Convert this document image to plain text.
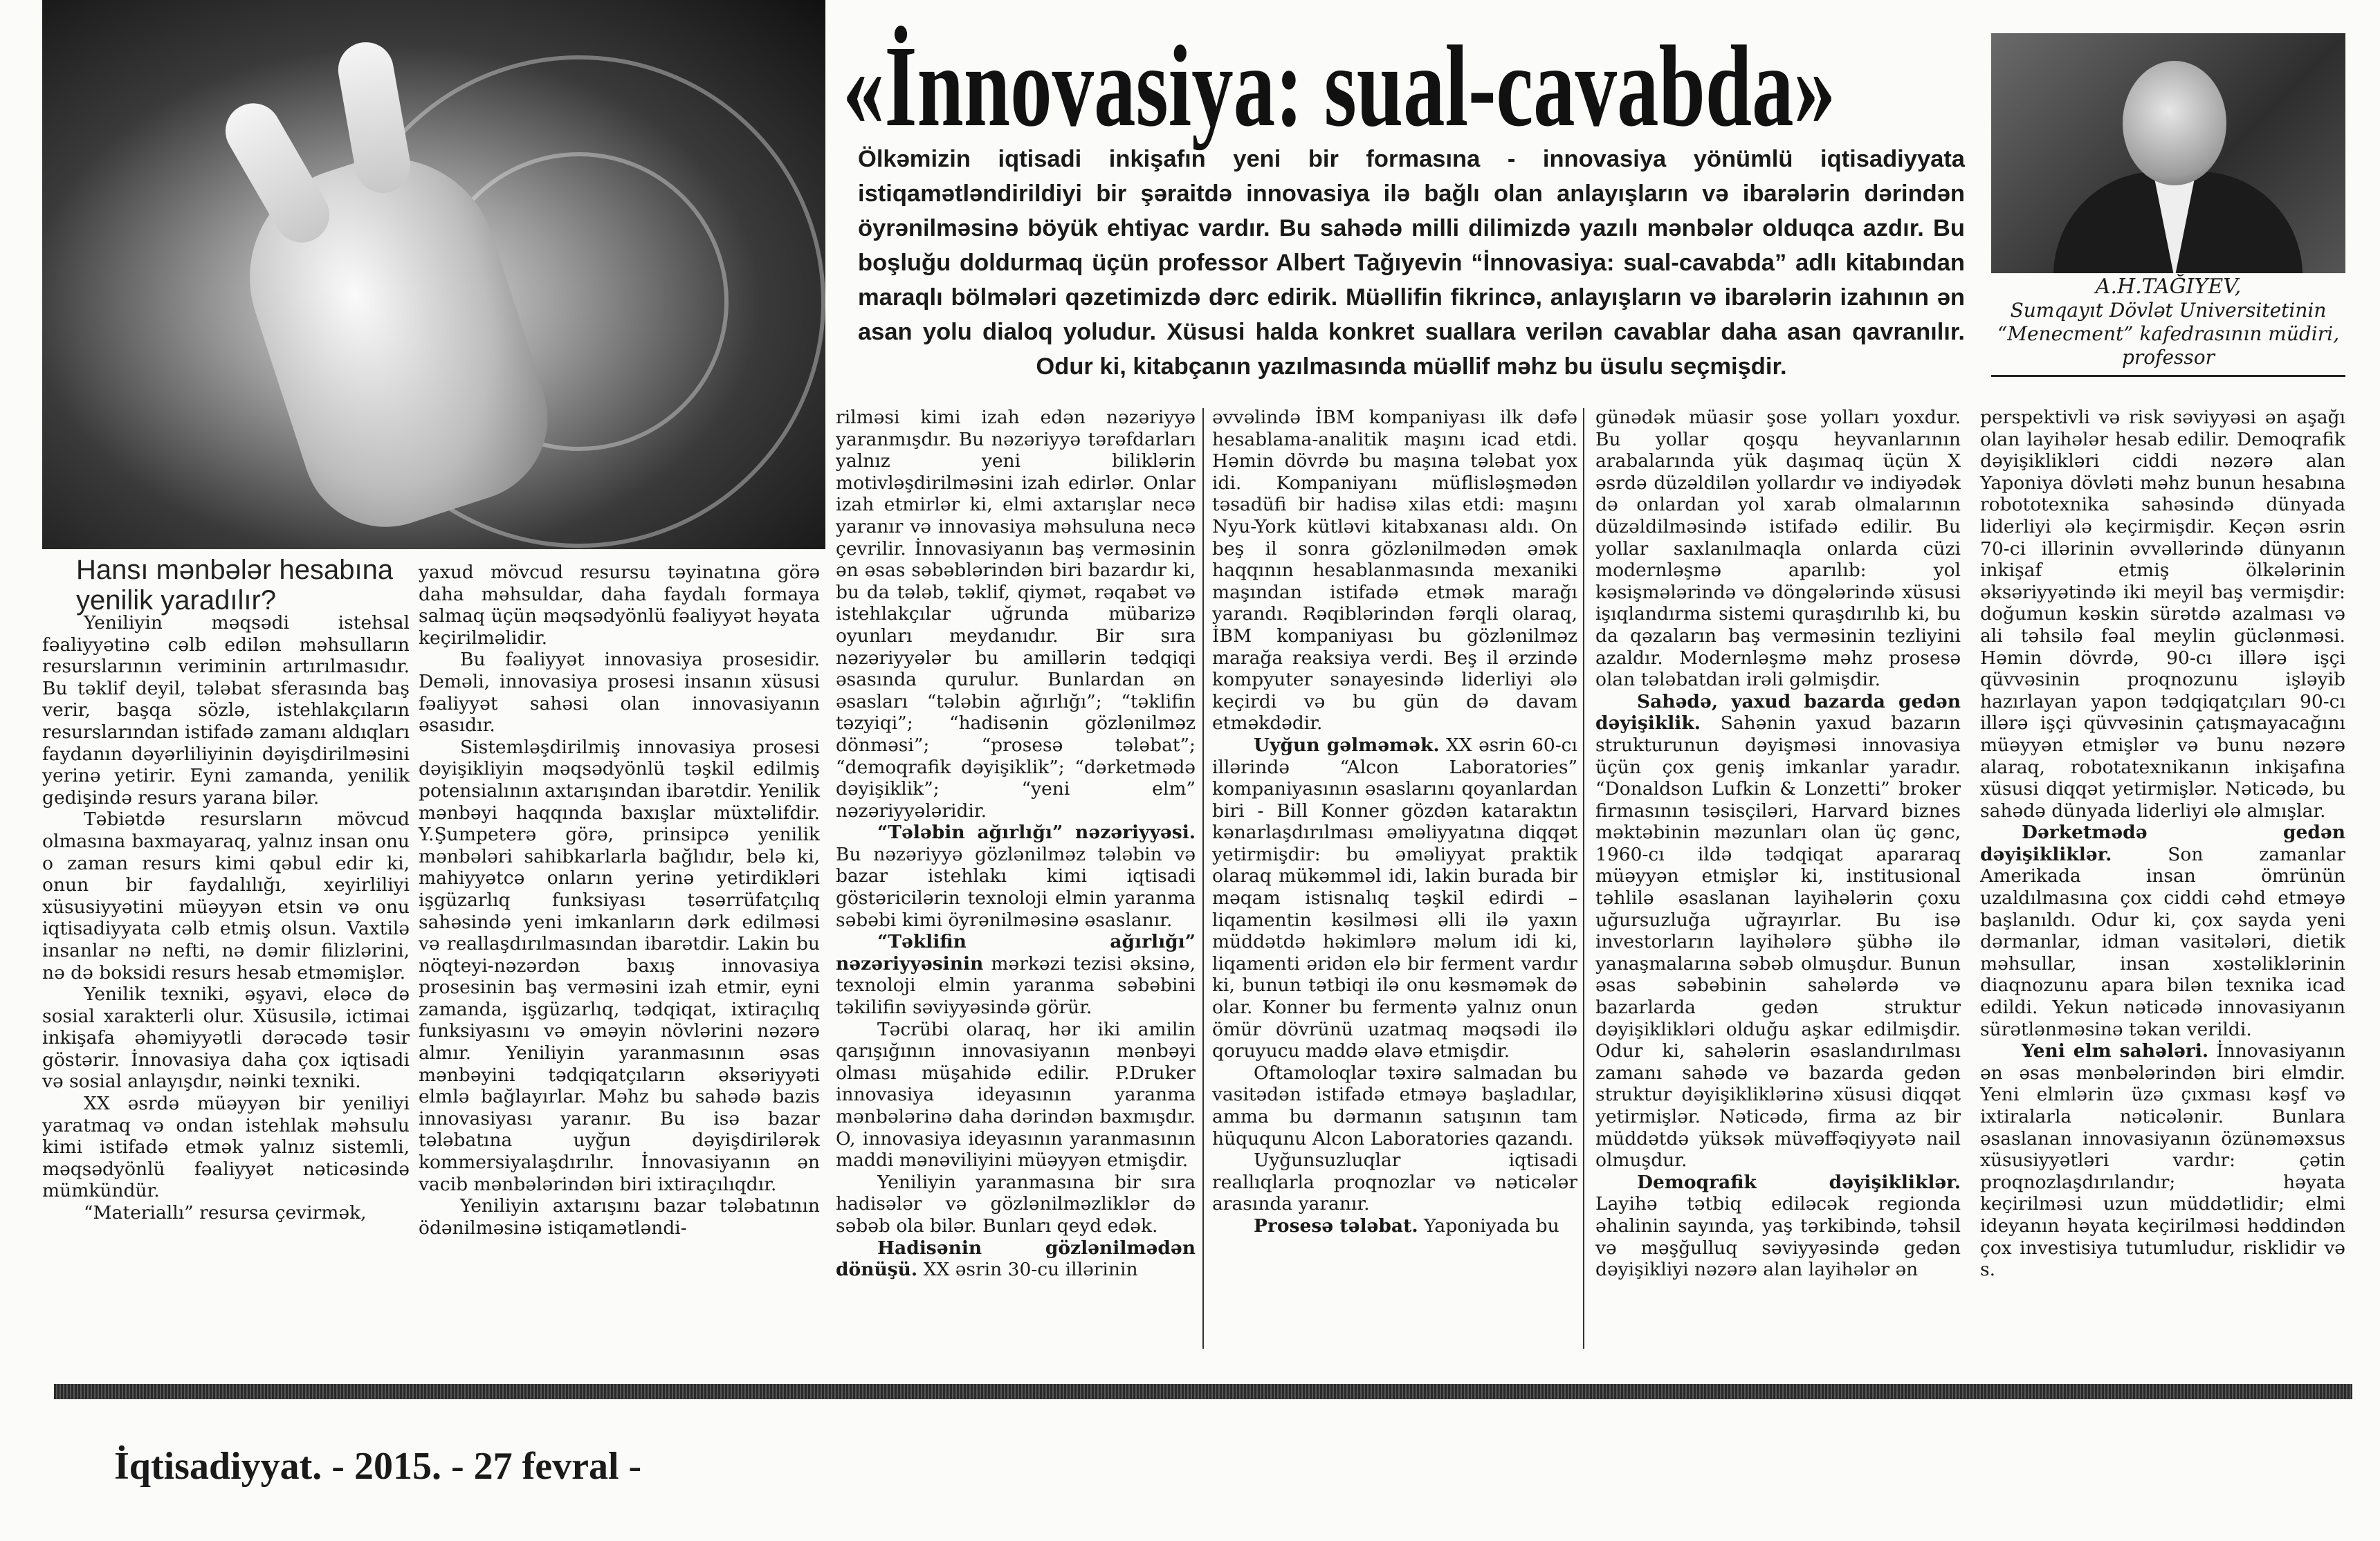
«İnnovasiya: sual-cavabda»
Ölkəmizin iqtisadi inkişafın yeni bir formasına - innovasiya yönümlü iqtisadiyyata istiqamətləndirildiyi bir şəraitdə innovasiya ilə bağlı olan anlayışların və ibarələrin dərindən öyrənilməsinə böyük ehtiyac vardır. Bu sahədə milli dilimizdə yazılı mənbələr olduqca azdır. Bu boşluğu doldurmaq üçün professor Albert Tağıyevin “İnnovasiya: sual-cavabda” adlı kitabından maraqlı bölmələri qəzetimizdə dərc edirik. Müəllifin fikrincə, anlayışların və ibarələrin izahının ən asan yolu dialoq yoludur. Xüsusi halda konkret suallara verilən cavablar daha asan qavranılır. Odur ki, kitabçanın yazılmasında müəllif məhz bu üsulu seçmişdir.
A.H.TAĞIYEV,
Sumqayıt Dövlət Universitetinin
“Menecment” kafedrasının müdiri,
professor
Hansı mənbələr hesabına yenilik yaradılır?

Yeniliyin məqsədi istehsal fəaliyyətinə cəlb edilən məhsulların resurslarının veriminin artırılmasıdır. Bu təklif deyil, tələbat sferasında baş verir, başqa sözlə, istehlakçıların resurslarından istifadə zamanı aldıqları faydanın dəyərliliyinin dəyişdirilməsini yerinə yetirir. Eyni zamanda, yenilik gedişində resurs yarana bilər.

Təbiətdə resursların mövcud olmasına baxmayaraq, yalnız insan onu o zaman resurs kimi qəbul edir ki, onun bir faydalılığı, xeyirliliyi xüsusiyyətini müəyyən etsin və onu iqtisadiyyata cəlb etmiş olsun. Vaxtilə insanlar nə nefti, nə dəmir filizlərini, nə də boksidi resurs hesab etməmişlər.

Yenilik texniki, əşyavi, eləcə də sosial xarakterli olur. Xüsusilə, ictimai inkişafa əhəmiyyətli dərəcədə təsir göstərir. İnnovasiya daha çox iqtisadi və sosial anlayışdır, nəinki texniki.

XX əsrdə müəyyən bir yeniliyi yaratmaq və ondan istehlak məhsulu kimi istifadə etmək yalnız sistemli, məqsədyönlü fəaliyyət nəticəsində mümkündür.

“Materiallı” resursa çevirmək,

yaxud mövcud resursu təyinatına görə daha məhsuldar, daha faydalı formaya salmaq üçün məqsədyönlü fəaliyyət həyata keçirilməlidir.

Bu fəaliyyət innovasiya prosesidir. Deməli, innovasiya prosesi insanın xüsusi fəaliyyət sahəsi olan innovasiyanın əsasıdır.

Sistemləşdirilmiş innovasiya prosesi dəyişikliyin məqsədyönlü təşkil edilmiş potensialının axtarışından ibarətdir. Yenilik mənbəyi haqqında baxışlar müxtəlifdir. Y.Şumpeterə görə, prinsipcə yenilik mənbələri sahibkarlarla bağlıdır, belə ki, mahiyyətcə onların yerinə yetirdikləri işgüzarlıq funksiyası təsərrüfatçılıq sahəsində yeni imkanların dərk edilməsi və reallaşdırılmasından ibarətdir. Lakin bu nöqteyi-nəzərdən baxış innovasiya prosesinin baş verməsini izah etmir, eyni zamanda, işgüzarlıq, tədqiqat, ixtiraçılıq funksiyasını və əməyin növlərini nəzərə almır. Yeniliyin yaranmasının əsas mənbəyini tədqiqatçıların əksəriyyəti elmlə bağlayırlar. Məhz bu sahədə bazis innovasiyası yaranır. Bu isə bazar tələbatına uyğun dəyişdirilərək kommersiyalaşdırılır. İnnovasiyanın ən vacib mənbələrindən biri ixtiraçılıqdır.

Yeniliyin axtarışını bazar tələbatının ödənilməsinə istiqamətləndi-

rilməsi kimi izah edən nəzəriyyə yaranmışdır. Bu nəzəriyyə tərəfdarları yalnız yeni biliklərin motivləşdirilməsini izah edirlər. Onlar izah etmirlər ki, elmi axtarışlar necə yaranır və innovasiya məhsuluna necə çevrilir. İnnovasiyanın baş verməsinin ən əsas səbəblərindən biri bazardır ki, bu da tələb, təklif, qiymət, rəqabət və istehlakçılar uğrunda mübarizə oyunları meydanıdır. Bir sıra nəzəriyyələr bu amillərin tədqiqi əsasında qurulur. Bunlardan ən əsasları “tələbin ağırlığı”; “təklifin təzyiqi”; “hadisənin gözlənilməz dönməsi”; “prosesə tələbat”; “demoqrafik dəyişiklik”; “dərketmədə dəyişiklik”; “yeni elm” nəzəriyyələridir.

“Tələbin ağırlığı” nəzəriyyəsi. Bu nəzəriyyə gözlənilməz tələbin və bazar istehlakı kimi iqtisadi göstəricilərin texnoloji elmin yaranma səbəbi kimi öyrənilməsinə əsaslanır.

“Təklifin ağırlığı” nəzəriyyəsinin mərkəzi tezisi əksinə, texnoloji elmin yaranma səbəbini təkilifin səviyyəsində görür.

Təcrübi olaraq, hər iki amilin qarışığının innovasiyanın mənbəyi olması müşahidə edilir. P.Druker innovasiya ideyasının yaranma mənbələrinə daha dərindən baxmışdır. O, innovasiya ideyasının yaranmasının maddi mənəviliyini müəyyən etmişdir.

Yeniliyin yaranmasına bir sıra hadisələr və gözlənilməzliklər də səbəb ola bilər. Bunları qeyd edək.

Hadisənin gözlənilmədən dönüşü. XX əsrin 30-cu illərinin

əvvəlində İBM kompaniyası ilk dəfə hesablama-analitik maşını icad etdi. Həmin dövrdə bu maşına tələbat yox idi. Kompaniyanı müflisləşmədən təsadüfi bir hadisə xilas etdi: maşını Nyu-York kütləvi kitabxanası aldı. On beş il sonra gözlənilmədən əmək haqqının hesablanmasında mexaniki maşından istifadə etmək marağı yarandı. Rəqiblərindən fərqli olaraq, İBM kompaniyası bu gözlənilməz marağa reaksiya verdi. Beş il ərzində kompyuter sənayesində liderliyi ələ keçirdi və bu gün də davam etməkdədir.

Uyğun gəlməmək. XX əsrin 60-cı illərində “Alcon Laboratories” kompaniyasının əsaslarını qoyanlardan biri - Bill Konner gözdən kataraktın kənarlaşdırılması əməliyyatına diqqət yetirmişdir: bu əməliyyat praktik olaraq mükəmməl idi, lakin burada bir məqam istisnalıq təşkil edirdi – liqamentin kəsilməsi əlli ilə yaxın müddətdə həkimlərə məlum idi ki, liqamenti əridən elə bir ferment vardır ki, bunun tətbiqi ilə onu kəsməmək də olar. Konner bu fermentə yalnız onun ömür dövrünü uzatmaq məqsədi ilə qoruyucu maddə əlavə etmişdir.

Oftamoloqlar təxirə salmadan bu vasitədən istifadə etməyə başladılar, amma bu dərmanın satışının tam hüququnu Alcon Laboratories qazandı.

Uyğunsuzluqlar iqtisadi reallıqlarla proqnozlar və nəticələr arasında yaranır.

Prosesə tələbat. Yaponiyada bu

günədək müasir şose yolları yoxdur. Bu yollar qoşqu heyvanlarının arabalarında yük daşımaq üçün X əsrdə düzəldilən yollardır və indiyədək də onlardan yol xarab olmalarının düzəldilməsində istifadə edilir. Bu yollar saxlanılmaqla onlarda cüzi modernləşmə aparılıb: yol kəsişmələrində və döngələrində xüsusi işıqlandırma sistemi quraşdırılıb ki, bu da qəzaların baş verməsinin tezliyini azaldır. Modernləşmə məhz prosesə olan tələbatdan irəli gəlmişdir.

Sahədə, yaxud bazarda gedən dəyişiklik. Sahənin yaxud bazarın strukturunun dəyişməsi innovasiya üçün çox geniş imkanlar yaradır. “Donaldson Lufkin & Lonzetti” broker firmasının təsisçiləri, Harvard biznes məktəbinin məzunları olan üç gənc, 1960-cı ildə tədqiqat apararaq müəyyən etmişlər ki, institusional təhlilə əsaslanan layihələrin çoxu uğursuzluğa uğrayırlar. Bu isə investorların layihələrə şübhə ilə yanaşmalarına səbəb olmuşdur. Bunun əsas səbəbinin sahələrdə və bazarlarda gedən struktur dəyişiklikləri olduğu aşkar edilmişdir. Odur ki, sahələrin əsaslandırılması zamanı sahədə və bazarda gedən struktur dəyişikliklərinə xüsusi diqqət yetirmişlər. Nəticədə, firma az bir müddətdə yüksək müvəffəqiyyətə nail olmuşdur.

Demoqrafik dəyişikliklər. Layihə tətbiq ediləcək regionda əhalinin sayında, yaş tərkibində, təhsil və məşğulluq səviyyəsində gedən dəyişikliyi nəzərə alan layihələr ən

perspektivli və risk səviyyəsi ən aşağı olan layihələr hesab edilir. Demoqrafik dəyişiklikləri ciddi nəzərə alan Yaponiya dövləti məhz bunun hesabına robototexnika sahəsində dünyada liderliyi ələ keçirmişdir. Keçən əsrin 70-ci illərinin əvvəllərində dünyanın inkişaf etmiş ölkələrinin əksəriyyətində iki meyil baş vermişdir: doğumun kəskin sürətdə azalması və ali təhsilə fəal meylin güclənməsi. Həmin dövrdə, 90-cı illərə işçi qüvvəsinin proqnozunu işləyib hazırlayan yapon tədqiqatçıları 90-cı illərə işçi qüvvəsinin çatışmayacağını müəyyən etmişlər və bunu nəzərə alaraq, robotatexnikanın inkişafına xüsusi diqqət yetirmişlər. Nəticədə, bu sahədə dünyada liderliyi ələ almışlar.

Dərketmədə gedən dəyişikliklər. Son zamanlar Amerikada insan ömrünün uzaldılmasına çox ciddi cəhd etməyə başlanıldı. Odur ki, çox sayda yeni dərmanlar, idman vasitələri, dietik məhsullar, insan xəstəliklərinin diaqnozunu apara bilən texnika icad edildi. Yekun nəticədə innovasiyanın sürətlənməsinə təkan verildi.

Yeni elm sahələri. İnnovasiyanın ən əsas mənbələrindən biri elmdir. Yeni elmlərin üzə çıxması kəşf və ixtiralarla nəticələnir. Bunlara əsaslanan innovasiyanın özünəməxsus xüsusiyyətləri vardır: çətin proqnozlaşdırılandır; həyata keçirilməsi uzun müddətlidir; elmi ideyanın həyata keçirilməsi həddindən çox investisiya tutumludur, risklidir və s.

İqtisadiyyat. - 2015. - 27 fevral -
